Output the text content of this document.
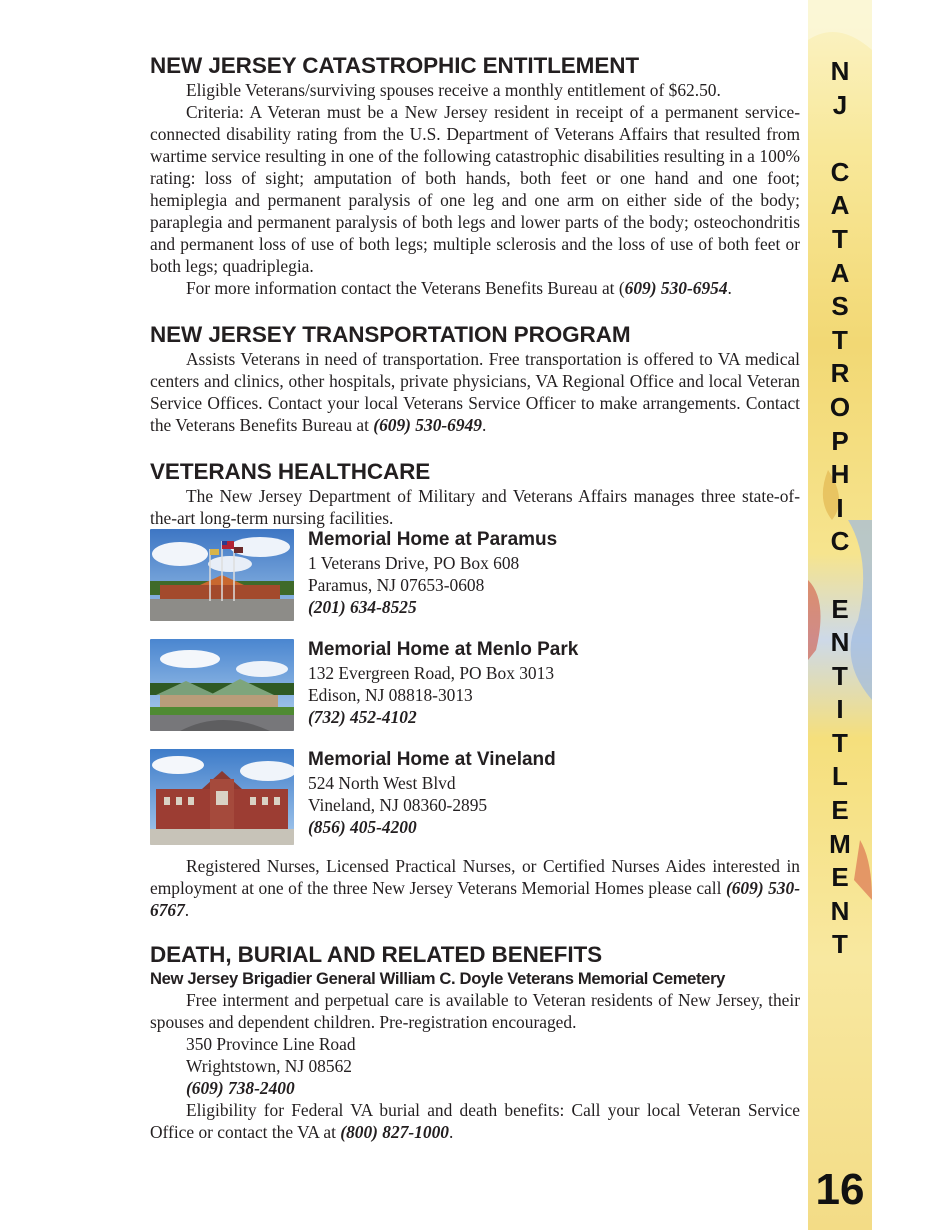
NEW JERSEY CATASTROPHIC ENTITLEMENT

Eligible Veterans/surviving spouses receive a monthly entitlement of $62.50.

Criteria: A Veteran must be a New Jersey resident in receipt of a permanent service-connected disability rating from the U.S. Department of Veterans Affairs that resulted from wartime service resulting in one of the following catastrophic disabilities resulting in a 100% rating: loss of sight; amputation of both hands, both feet or one hand and one foot; hemiplegia and permanent paralysis of one leg and one arm on either side of the body; paraplegia and permanent paralysis of both legs and lower parts of the body; osteochondritis and permanent loss of use of both legs; multiple sclerosis and the loss of use of both feet or both legs; quadriplegia.

For more information contact the Veterans Benefits Bureau at (609) 530-6954.

NEW JERSEY TRANSPORTATION PROGRAM

Assists Veterans in need of transportation. Free transportation is offered to VA medical centers and clinics, other hospitals, private physicians, VA Regional Office and local Veteran Service Offices. Contact your local Veterans Service Officer to make arrangements. Contact the Veterans Benefits Bureau at (609) 530-6949.

VETERANS HEALTHCARE

The New Jersey Department of Military and Veterans Affairs manages three state-of-the-art long-term nursing facilities.

Memorial Home at Paramus
1 Veterans Drive, PO Box 608
Paramus, NJ 07653-0608
(201) 634-8525
Memorial Home at Menlo Park
132 Evergreen Road, PO Box 3013
Edison, NJ 08818-3013
(732) 452-4102
Memorial Home at Vineland
524 North West Blvd
Vineland, NJ 08360-2895
(856) 405-4200

Registered Nurses, Licensed Practical Nurses, or Certified Nurses Aides interested in employment at one of the three New Jersey Veterans Memorial Homes please call (609) 530-6767.

DEATH, BURIAL AND RELATED BENEFITS
New Jersey Brigadier General William C. Doyle Veterans Memorial Cemetery

Free interment and perpetual care is available to Veteran residents of New Jersey, their spouses and dependent children. Pre-registration encouraged.

350 Province Line Road
Wrightstown, NJ 08562
(609) 738-2400

Eligibility for Federal VA burial and death benefits: Call your local Veteran Service Office or contact the VA at (800) 827-1000.

N
J
C
A
T
A
S
T
R
O
P
H
I
C
E
N
T
I
T
L
E
M
E
N
T
16
